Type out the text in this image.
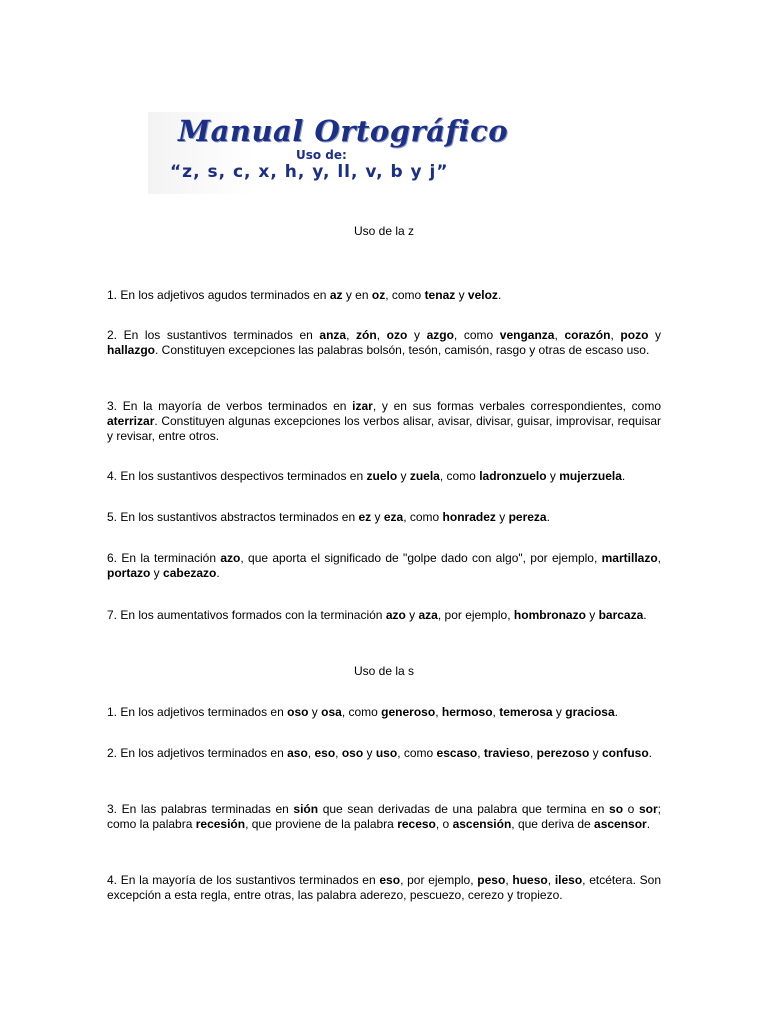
Manual Ortográfico
Uso de:
“z, s, c, x, h, y, ll, v, b y j”
Uso de la z

1. En los adjetivos agudos terminados en az y en oz, como tenaz y veloz.

2. En los sustantivos terminados en anza, zón, ozo y azgo, como venganza, corazón, pozo y hallazgo. Constituyen excepciones las palabras bolsón, tesón, camisón, rasgo y otras de escaso uso.

3. En la mayoría de verbos terminados en izar, y en sus formas verbales correspondientes, como aterrizar. Constituyen algunas excepciones los verbos alisar, avisar, divisar, guisar, improvisar, requisar y revisar, entre otros.

4. En los sustantivos despectivos terminados en zuelo y zuela, como ladronzuelo y mujerzuela.

5. En los sustantivos abstractos terminados en ez y eza, como honradez y pereza.

6. En la terminación azo, que aporta el significado de "golpe dado con algo", por ejemplo, martillazo, portazo y cabezazo.

7. En los aumentativos formados con la terminación azo y aza, por ejemplo, hombronazo y barcaza.

Uso de la s

1. En los adjetivos terminados en oso y osa, como generoso, hermoso, temerosa y graciosa.

2. En los adjetivos terminados en aso, eso, oso y uso, como escaso, travieso, perezoso y confuso.

3. En las palabras terminadas en sión que sean derivadas de una palabra que termina en so o sor; como la palabra recesión, que proviene de la palabra receso, o ascensión, que deriva de ascensor.

4. En la mayoría de los sustantivos terminados en eso, por ejemplo, peso, hueso, ileso, etcétera. Son excepción a esta regla, entre otras, las palabra aderezo, pescuezo, cerezo y tropiezo.
